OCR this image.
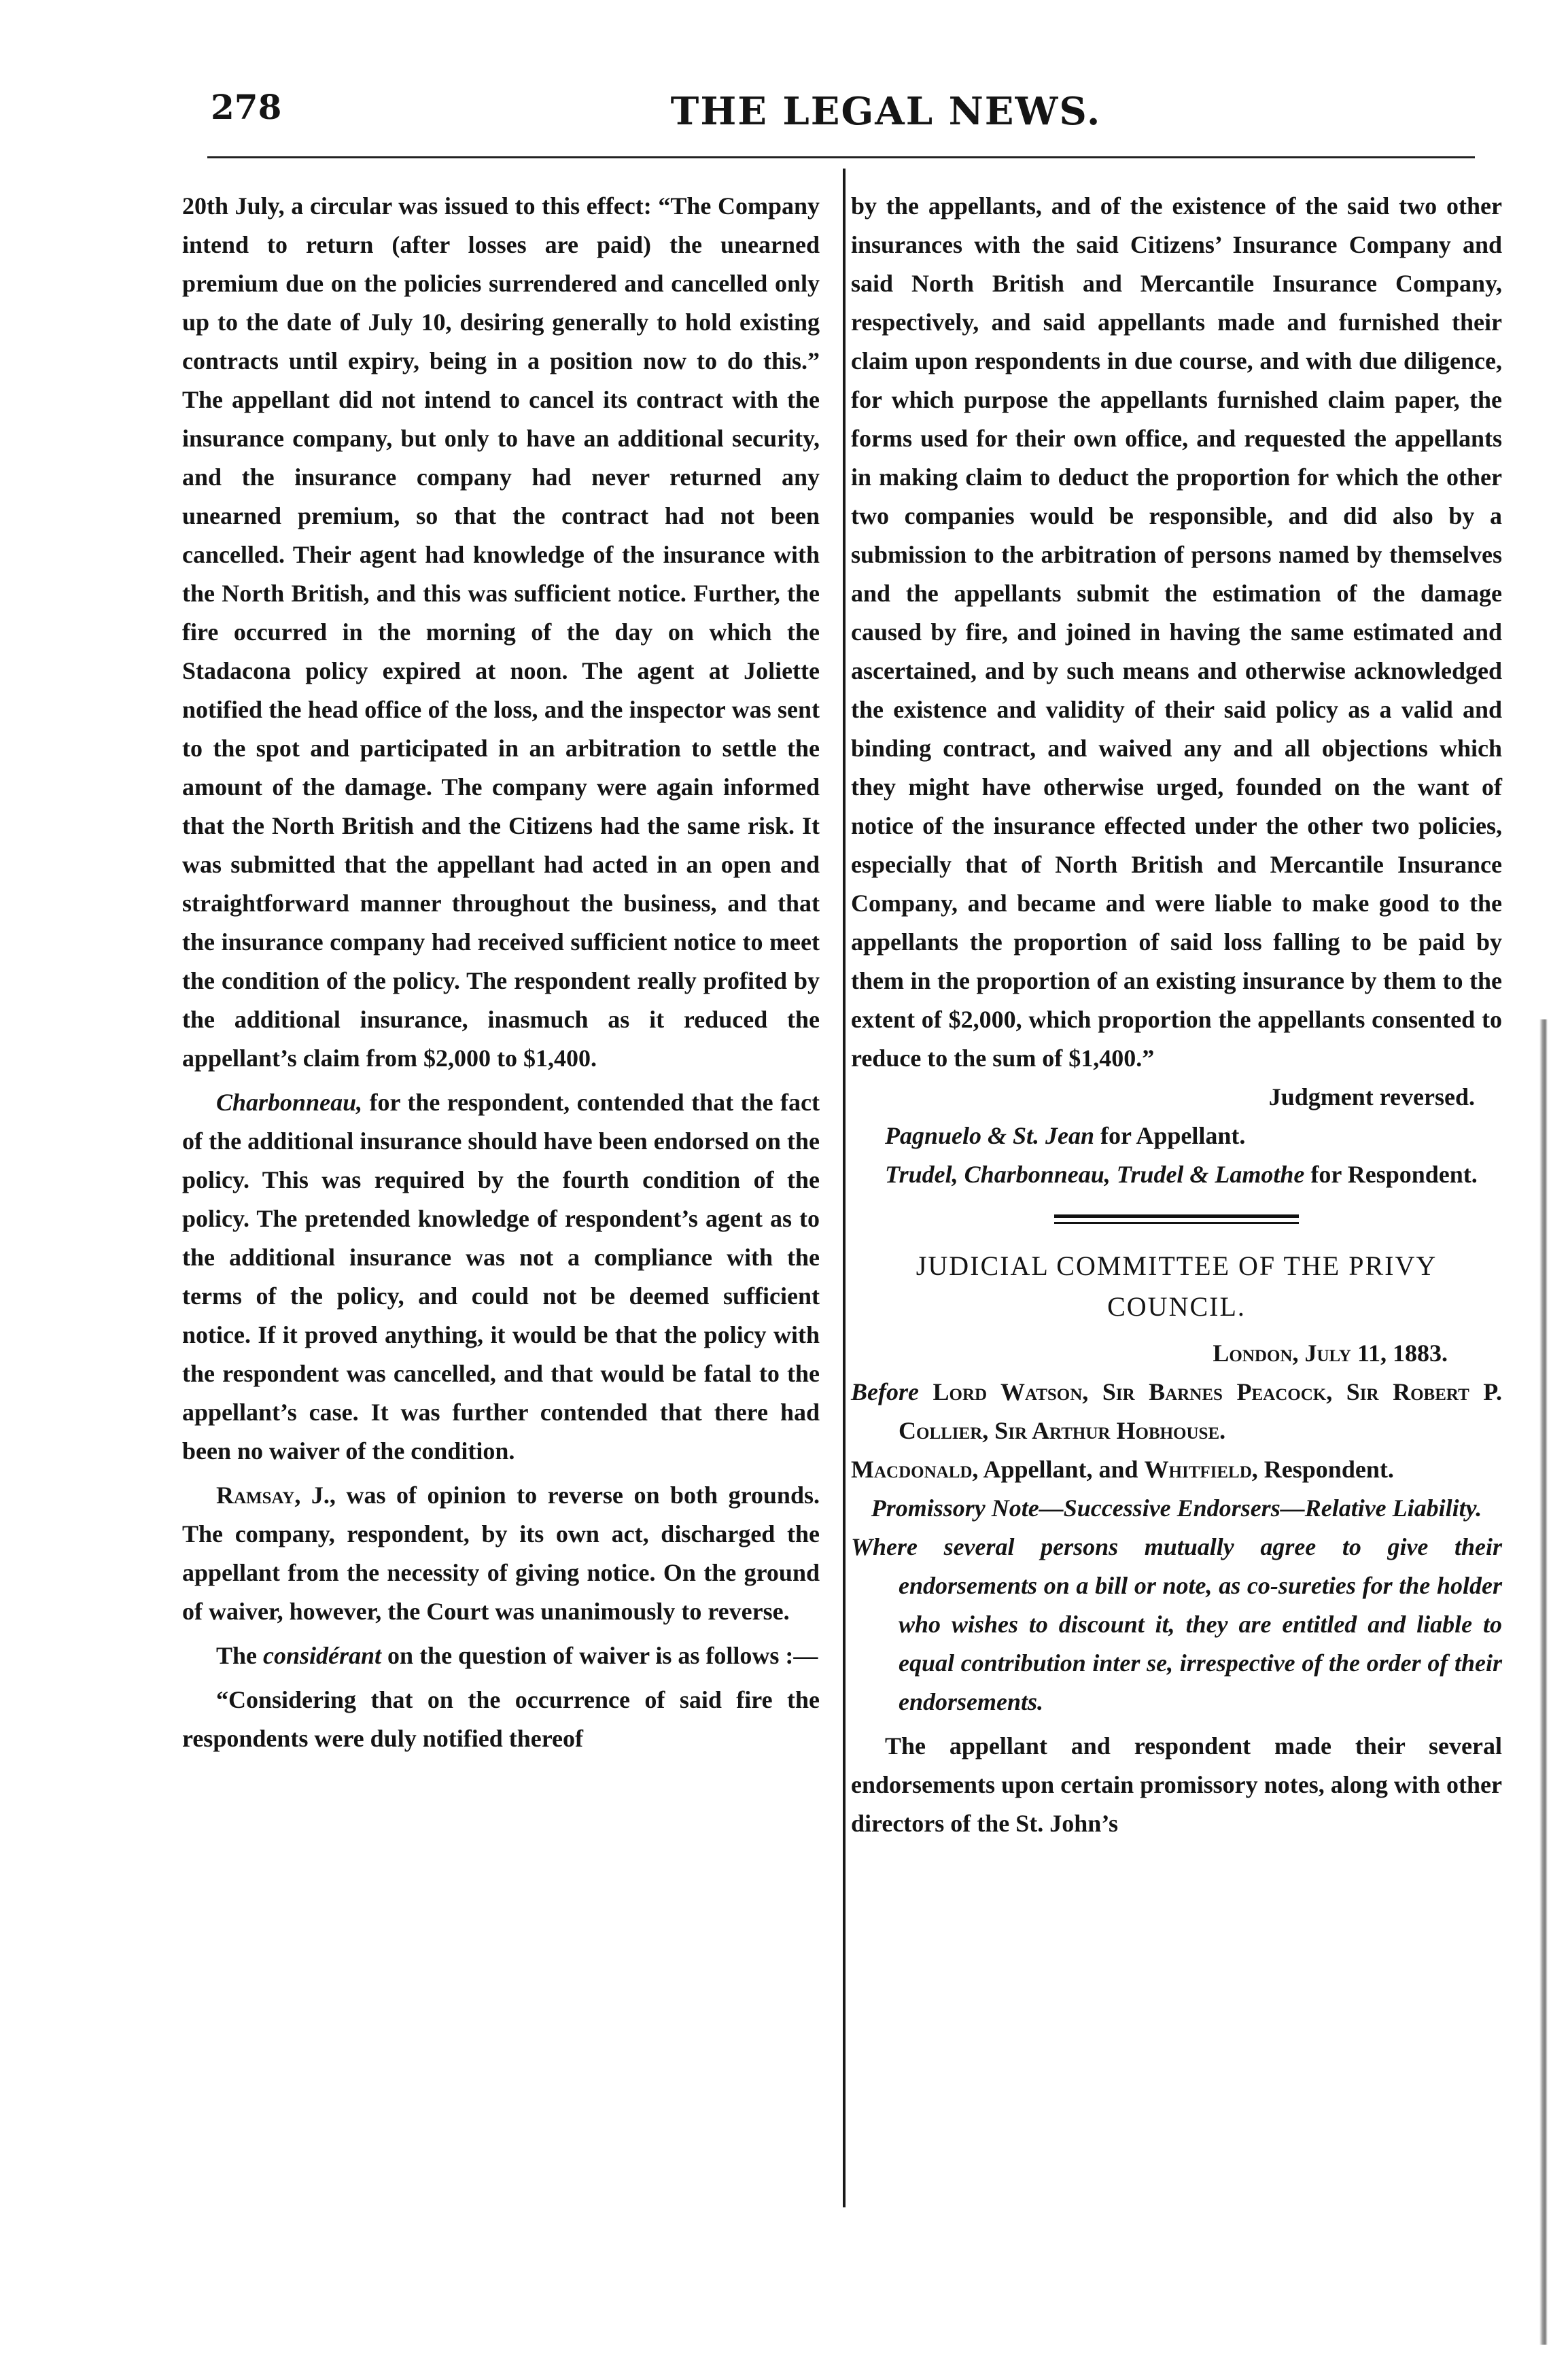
278	THE LEGAL NEWS.

20th July, a circular was issued to this effect: “The Company intend to return (after losses are paid) the unearned premium due on the policies surrendered and cancelled only up to the date of July 10, desiring generally to hold existing contracts until expiry, being in a position now to do this.” The appellant did not intend to cancel its contract with the insurance company, but only to have an additional security, and the insurance company had never returned any unearned premium, so that the contract had not been cancelled. Their agent had knowledge of the insurance with the North British, and this was sufficient notice. Further, the fire occurred in the morning of the day on which the Stadacona policy expired at noon. The agent at Joliette notified the head office of the loss, and the inspector was sent to the spot and participated in an arbitration to settle the amount of the damage. The company were again informed that the North British and the Citizens had the same risk. It was submitted that the appellant had acted in an open and straightforward manner throughout the business, and that the insurance company had received sufficient notice to meet the condition of the policy. The respondent really profited by the additional insurance, inasmuch as it reduced the appellant’s claim from $2,000 to $1,400.

Charbonneau, for the respondent, contended that the fact of the additional insurance should have been endorsed on the policy. This was required by the fourth condition of the policy. The pretended knowledge of respondent’s agent as to the additional insurance was not a compliance with the terms of the policy, and could not be deemed sufficient notice. If it proved anything, it would be that the policy with the respondent was cancelled, and that would be fatal to the appellant’s case. It was further contended that there had been no waiver of the condition.

Ramsay, J., was of opinion to reverse on both grounds. The company, respondent, by its own act, discharged the appellant from the necessity of giving notice. On the ground of waiver, however, the Court was unanimously to reverse.

The considérant on the question of waiver is as follows :—

“Considering that on the occurrence of said fire the respondents were duly notified thereof

by the appellants, and of the existence of the said two other insurances with the said Citizens’ Insurance Company and said North British and Mercantile Insurance Company, respectively, and said appellants made and furnished their claim upon respondents in due course, and with due diligence, for which purpose the appellants furnished claim paper, the forms used for their own office, and requested the appellants in making claim to deduct the proportion for which the other two companies would be responsible, and did also by a submission to the arbitration of persons named by themselves and the appellants submit the estimation of the damage caused by fire, and joined in having the same estimated and ascertained, and by such means and otherwise acknowledged the existence and validity of their said policy as a valid and binding contract, and waived any and all objections which they might have otherwise urged, founded on the want of notice of the insurance effected under the other two policies, especially that of North British and Mercantile Insurance Company, and became and were liable to make good to the appellants the proportion of said loss falling to be paid by them in the proportion of an existing insurance by them to the extent of $2,000, which proportion the appellants consented to reduce to the sum of $1,400.”

Judgment reversed.

Pagnuelo & St. Jean for Appellant.

Trudel, Charbonneau, Trudel & Lamothe for Respondent.

JUDICIAL COMMITTEE OF THE PRIVY

COUNCIL.

London, July 11, 1883.

Before Lord Watson, Sir Barnes Peacock, Sir Robert P. Collier, Sir Arthur Hobhouse.

Macdonald, Appellant, and Whitfield, Respondent.

Promissory Note—Successive Endorsers—Relative Liability.

Where several persons mutually agree to give their endorsements on a bill or note, as co-sureties for the holder who wishes to discount it, they are entitled and liable to equal contribution inter se, irrespective of the order of their endorsements.

The appellant and respondent made their several endorsements upon certain promissory notes, along with other directors of the St. John’s
